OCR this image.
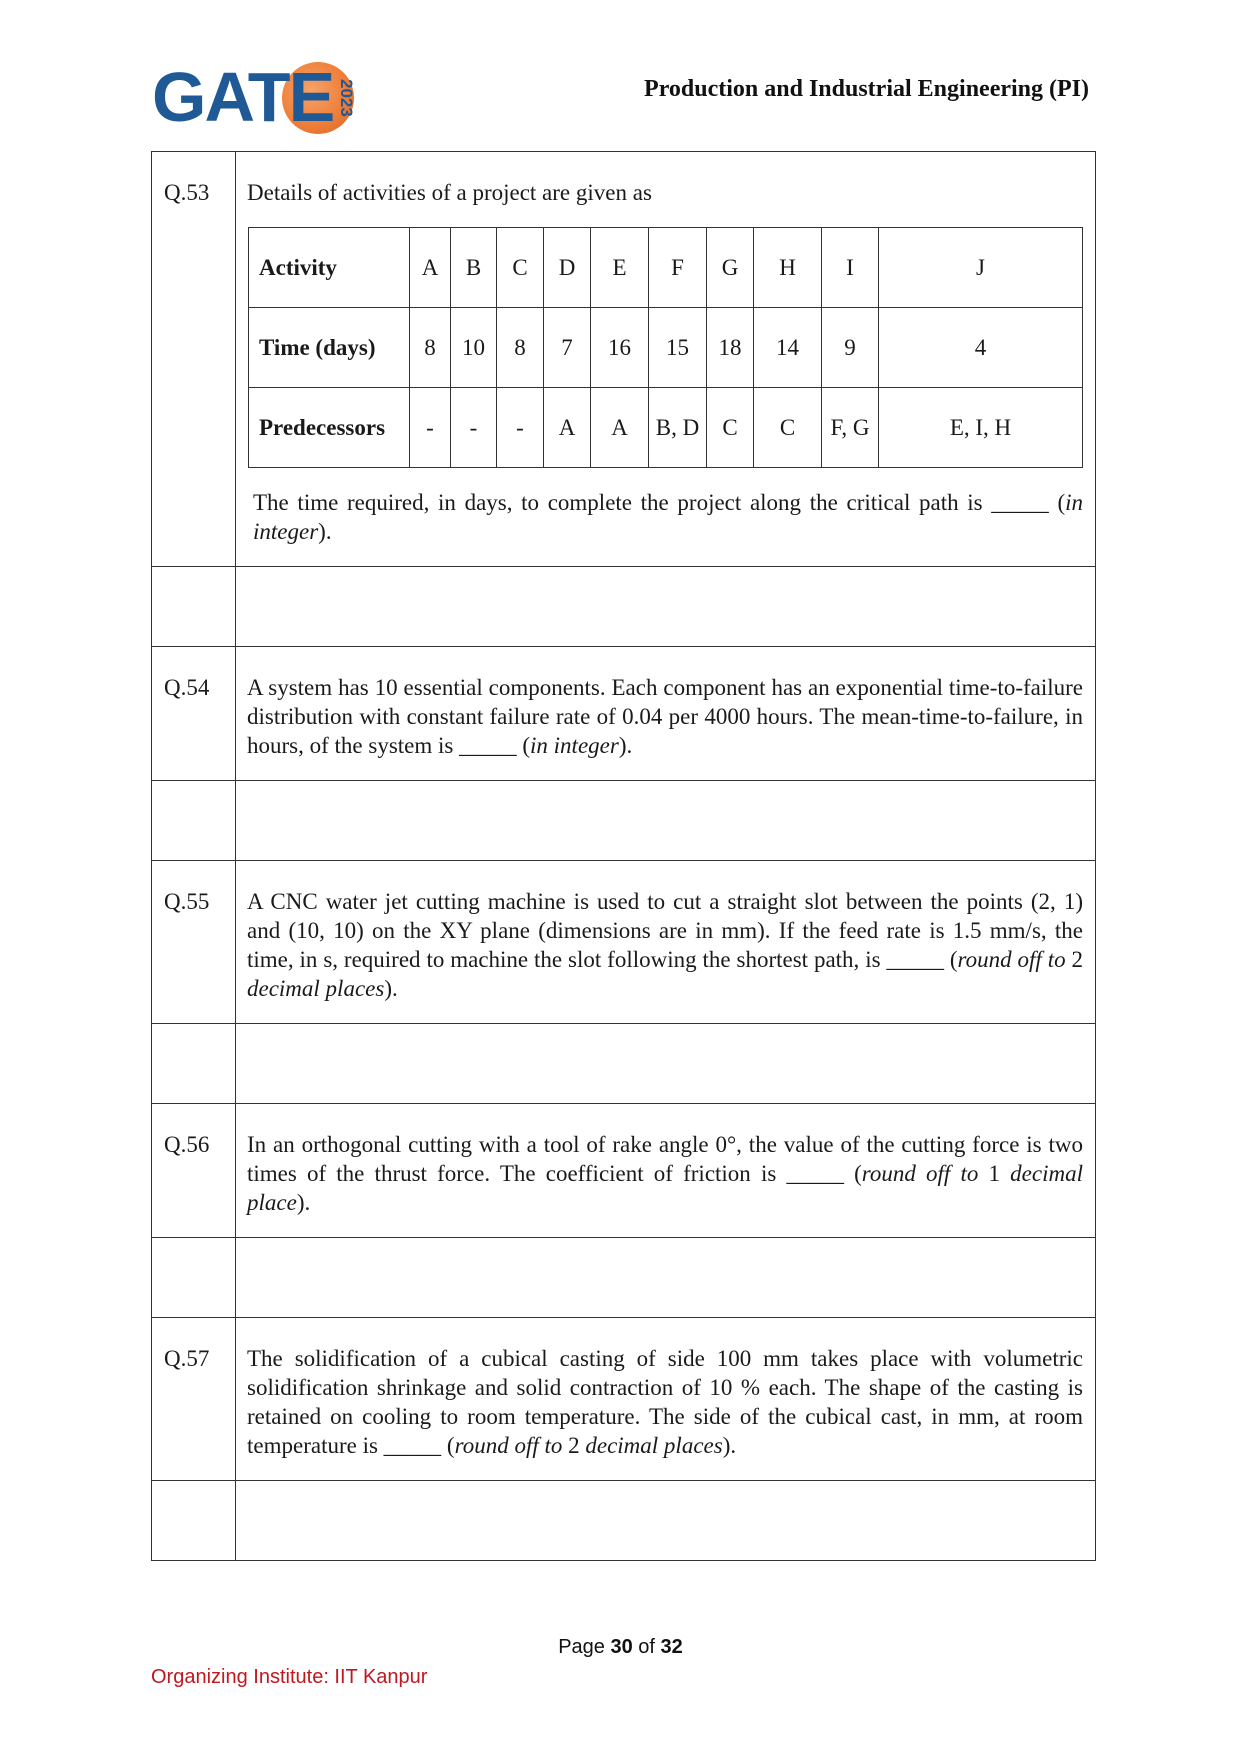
GATE 2023	Production and Industrial Engineering (PI)
Q.53	Details of activities of a project are given as
Activity	A	B	C	D	E	F	G	H	I	J
Time (days)	8	10	8	7	16	15	18	14	9	4
Predecessors	-	-	-	A	A	B, D	C	C	F, G	E, I, H
The time required, in days, to complete the project along the critical path is _____ (in integer).

Q.54	A system has 10 essential components. Each component has an exponential time-to-failure distribution with constant failure rate of 0.04 per 4000 hours. The mean-time-to-failure, in hours, of the system is _____ (in integer).

Q.55	A CNC water jet cutting machine is used to cut a straight slot between the points (2, 1) and (10, 10) on the XY plane (dimensions are in mm). If the feed rate is 1.5 mm/s, the time, in s, required to machine the slot following the shortest path, is _____ (round off to 2 decimal places).

Q.56	In an orthogonal cutting with a tool of rake angle 0°, the value of the cutting force is two times of the thrust force. The coefficient of friction is _____ (round off to 1 decimal place).

Q.57	The solidification of a cubical casting of side 100 mm takes place with volumetric solidification shrinkage and solid contraction of 10 % each. The shape of the casting is retained on cooling to room temperature. The side of the cubical cast, in mm, at room temperature is _____ (round off to 2 decimal places).

Page 30 of 32
Organizing Institute: IIT Kanpur
